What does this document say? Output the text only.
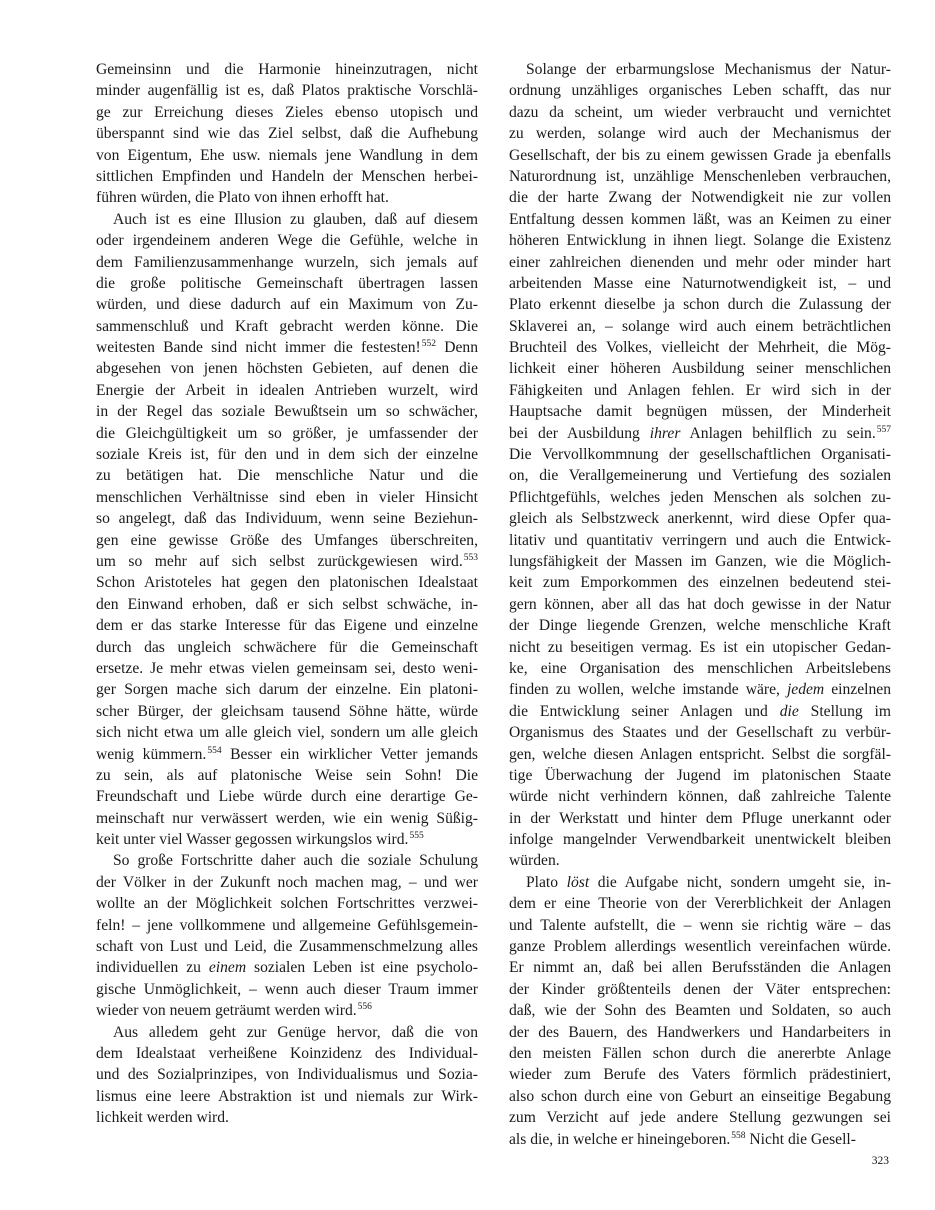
Gemeinsinn und die Harmonie hineinzutragen, nicht
minder augenfällig ist es, daß Platos praktische Vorschlä-
ge zur Erreichung dieses Zieles ebenso utopisch und
überspannt sind wie das Ziel selbst, daß die Aufhebung
von Eigentum, Ehe usw. niemals jene Wandlung in dem
sittlichen Empfinden und Handeln der Menschen herbei-
führen würden, die Plato von ihnen erhofft hat.
Auch ist es eine Illusion zu glauben, daß auf diesem
oder irgendeinem anderen Wege die Gefühle, welche in
dem Familienzusammenhange wurzeln, sich jemals auf
die große politische Gemeinschaft übertragen lassen
würden, und diese dadurch auf ein Maximum von Zu-
sammenschluß und Kraft gebracht werden könne. Die
weitesten Bande sind nicht immer die festesten!$^{552}$ Denn
abgesehen von jenen höchsten Gebieten, auf denen die
Energie der Arbeit in idealen Antrieben wurzelt, wird
in der Regel das soziale Bewußtsein um so schwächer,
die Gleichgültigkeit um so größer, je umfassender der
soziale Kreis ist, für den und in dem sich der einzelne
zu betätigen hat. Die menschliche Natur und die
menschlichen Verhältnisse sind eben in vieler Hinsicht
so angelegt, daß das Individuum, wenn seine Beziehun-
gen eine gewisse Größe des Umfanges überschreiten,
um so mehr auf sich selbst zurückgewiesen wird.$^{553}$
Schon Aristoteles hat gegen den platonischen Idealstaat
den Einwand erhoben, daß er sich selbst schwäche, in-
dem er das starke Interesse für das Eigene und einzelne
durch das ungleich schwächere für die Gemeinschaft
ersetze. Je mehr etwas vielen gemeinsam sei, desto weni-
ger Sorgen mache sich darum der einzelne. Ein platoni-
scher Bürger, der gleichsam tausend Söhne hätte, würde
sich nicht etwa um alle gleich viel, sondern um alle gleich
wenig kümmern.$^{554}$ Besser ein wirklicher Vetter jemands
zu sein, als auf platonische Weise sein Sohn! Die
Freundschaft und Liebe würde durch eine derartige Ge-
meinschaft nur verwässert werden, wie ein wenig Süßig-
keit unter viel Wasser gegossen wirkungslos wird.$^{555}$
So große Fortschritte daher auch die soziale Schulung
der Völker in der Zukunft noch machen mag, – und wer
wollte an der Möglichkeit solchen Fortschrittes verzwei-
feln! – jene vollkommene und allgemeine Gefühlsgemein-
schaft von Lust und Leid, die Zusammenschmelzung alles
individuellen zu einem sozialen Leben ist eine psycholo-
gische Unmöglichkeit, – wenn auch dieser Traum immer
wieder von neuem geträumt werden wird.$^{556}$
Aus alledem geht zur Genüge hervor, daß die von
dem Idealstaat verheißene Koinzidenz des Individual-
und des Sozialprinzipes, von Individualismus und Sozia-
lismus eine leere Abstraktion ist und niemals zur Wirk-
lichkeit werden wird.
Solange der erbarmungslose Mechanismus der Natur-
ordnung unzähliges organisches Leben schafft, das nur
dazu da scheint, um wieder verbraucht und vernichtet
zu werden, solange wird auch der Mechanismus der
Gesellschaft, der bis zu einem gewissen Grade ja ebenfalls
Naturordnung ist, unzählige Menschenleben verbrauchen,
die der harte Zwang der Notwendigkeit nie zur vollen
Entfaltung dessen kommen läßt, was an Keimen zu einer
höheren Entwicklung in ihnen liegt. Solange die Existenz
einer zahlreichen dienenden und mehr oder minder hart
arbeitenden Masse eine Naturnotwendigkeit ist, – und
Plato erkennt dieselbe ja schon durch die Zulassung der
Sklaverei an, – solange wird auch einem beträchtlichen
Bruchteil des Volkes, vielleicht der Mehrheit, die Mög-
lichkeit einer höheren Ausbildung seiner menschlichen
Fähigkeiten und Anlagen fehlen. Er wird sich in der
Hauptsache damit begnügen müssen, der Minderheit
bei der Ausbildung ihrer Anlagen behilflich zu sein.$^{557}$
Die Vervollkommnung der gesellschaftlichen Organisati-
on, die Verallgemeinerung und Vertiefung des sozialen
Pflichtgefühls, welches jeden Menschen als solchen zu-
gleich als Selbstzweck anerkennt, wird diese Opfer qua-
litativ und quantitativ verringern und auch die Entwick-
lungsfähigkeit der Massen im Ganzen, wie die Möglich-
keit zum Emporkommen des einzelnen bedeutend stei-
gern können, aber all das hat doch gewisse in der Natur
der Dinge liegende Grenzen, welche menschliche Kraft
nicht zu beseitigen vermag. Es ist ein utopischer Gedan-
ke, eine Organisation des menschlichen Arbeitslebens
finden zu wollen, welche imstande wäre, jedem einzelnen
die Entwicklung seiner Anlagen und die Stellung im
Organismus des Staates und der Gesellschaft zu verbür-
gen, welche diesen Anlagen entspricht. Selbst die sorgfäl-
tige Überwachung der Jugend im platonischen Staate
würde nicht verhindern können, daß zahlreiche Talente
in der Werkstatt und hinter dem Pfluge unerkannt oder
infolge mangelnder Verwendbarkeit unentwickelt bleiben
würden.
Plato löst die Aufgabe nicht, sondern umgeht sie, in-
dem er eine Theorie von der Vererblichkeit der Anlagen
und Talente aufstellt, die – wenn sie richtig wäre – das
ganze Problem allerdings wesentlich vereinfachen würde.
Er nimmt an, daß bei allen Berufsständen die Anlagen
der Kinder größtenteils denen der Väter entsprechen:
daß, wie der Sohn des Beamten und Soldaten, so auch
der des Bauern, des Handwerkers und Handarbeiters in
den meisten Fällen schon durch die anererbte Anlage
wieder zum Berufe des Vaters förmlich prädestiniert,
also schon durch eine von Geburt an einseitige Begabung
zum Verzicht auf jede andere Stellung gezwungen sei
als die, in welche er hineingeboren.$^{558}$ Nicht die Gesell-
323
